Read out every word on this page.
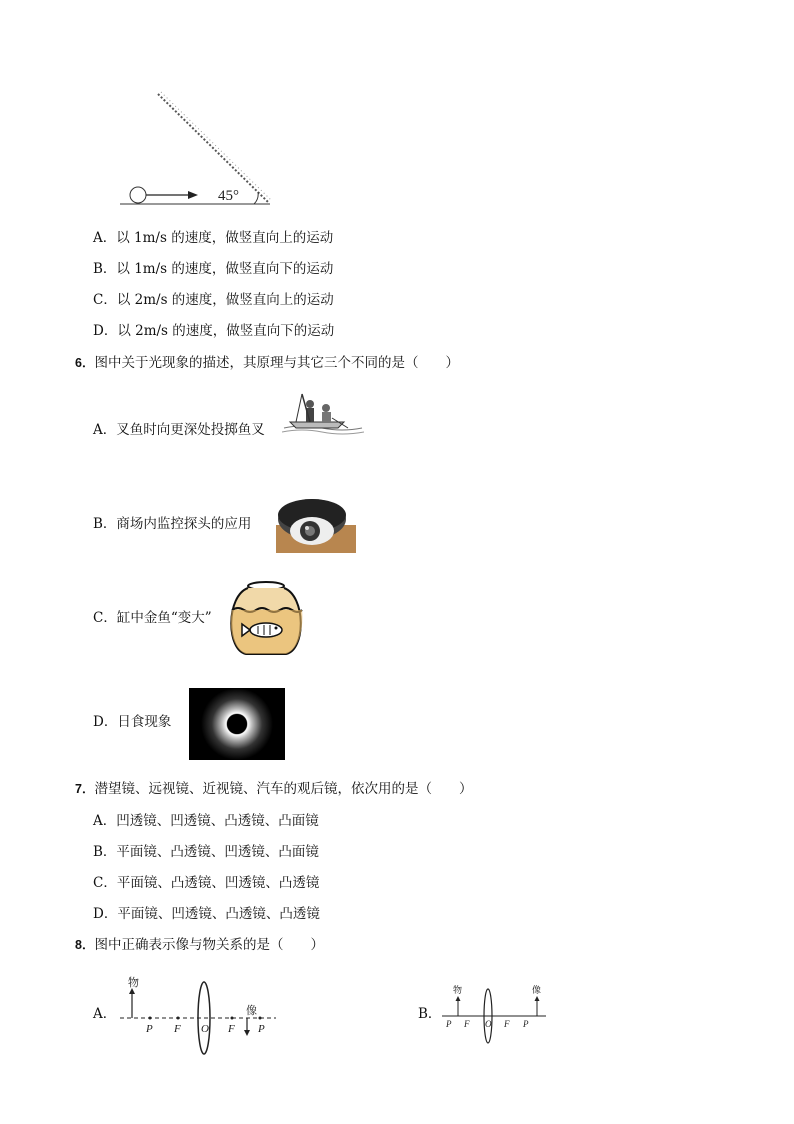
45°
A．以 1m/s 的速度，做竖直向上的运动
B．以 1m/s 的速度，做竖直向下的运动
C．以 2m/s 的速度，做竖直向上的运动
D．以 2m/s 的速度，做竖直向下的运动
6．图中关于光现象的描述，其原理与其它三个不同的是（　　）
A．叉鱼时向更深处投掷鱼叉
B．商场内监控探头的应用
C．缸中金鱼“变大”
D．日食现象
7．潜望镜、远视镜、近视镜、汽车的观后镜，依次用的是（　　）
A．凹透镜、凹透镜、凸透镜、凸面镜
B．平面镜、凸透镜、凹透镜、凸面镜
C．平面镜、凸透镜、凹透镜、凸透镜
D．平面镜、凹透镜、凸透镜、凸透镜
8．图中正确表示像与物关系的是（　　）
A．
物
像
P F O F P
B．
物	像
P F O F P
